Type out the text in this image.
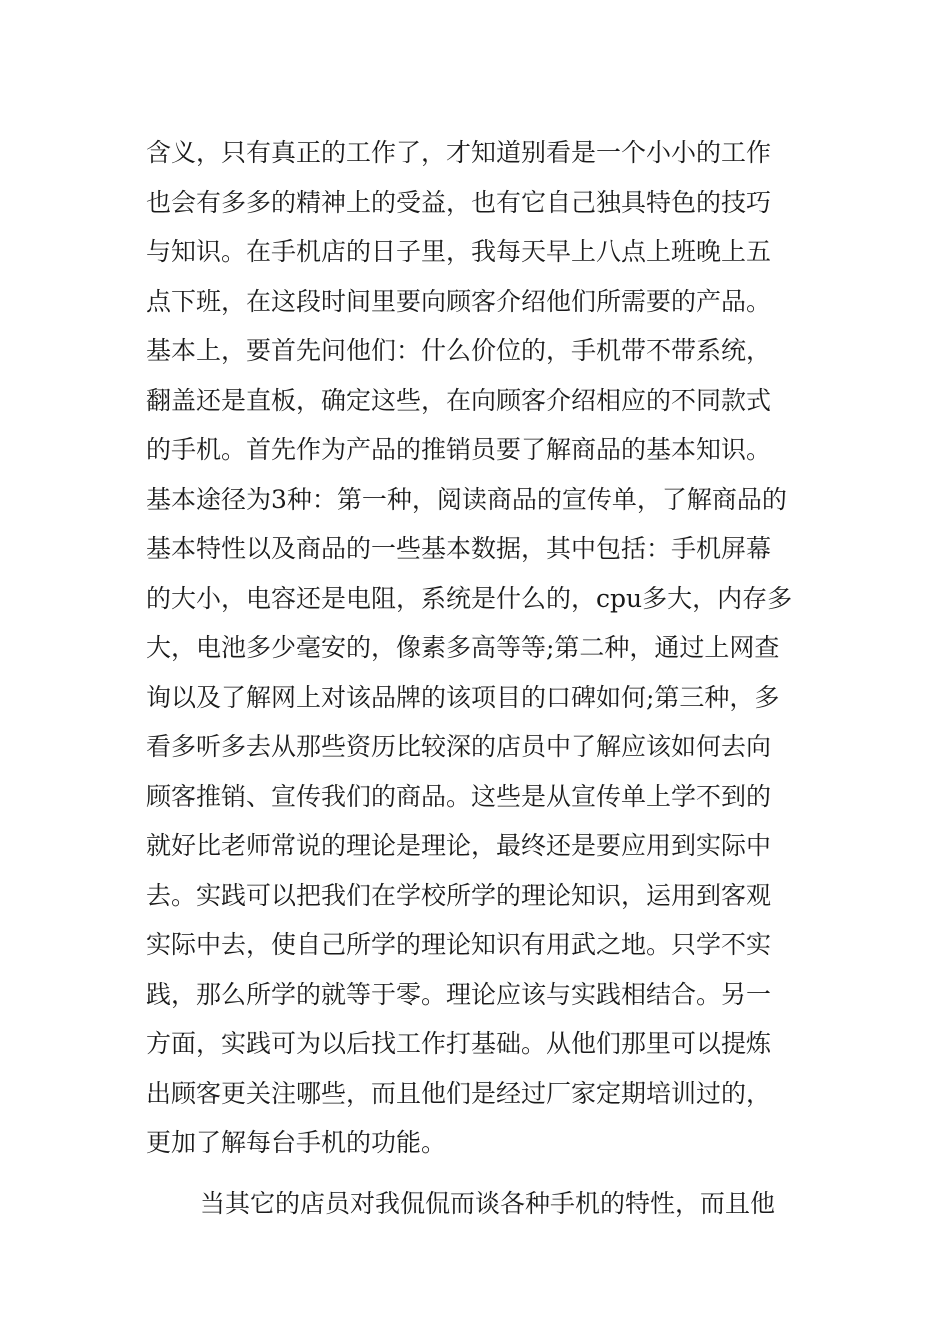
含义，只有真正的工作了，才知道别看是一个小小的工作
也会有多多的精神上的受益，也有它自己独具特色的技巧
与知识。在手机店的日子里，我每天早上八点上班晚上五
点下班，在这段时间里要向顾客介绍他们所需要的产品。
基本上，要首先问他们：什么价位的，手机带不带系统，
翻盖还是直板，确定这些，在向顾客介绍相应的不同款式
的手机。首先作为产品的推销员要了解商品的基本知识。
基本途径为3种：第一种，阅读商品的宣传单，了解商品的
基本特性以及商品的一些基本数据，其中包括：手机屏幕
的大小，电容还是电阻，系统是什么的，cpu多大，内存多
大，电池多少毫安的，像素多高等等;第二种，通过上网查
询以及了解网上对该品牌的该项目的口碑如何;第三种，多
看多听多去从那些资历比较深的店员中了解应该如何去向
顾客推销、宣传我们的商品。这些是从宣传单上学不到的
就好比老师常说的理论是理论，最终还是要应用到实际中
去。实践可以把我们在学校所学的理论知识，运用到客观
实际中去，使自己所学的理论知识有用武之地。只学不实
践，那么所学的就等于零。理论应该与实践相结合。另一
方面，实践可为以后找工作打基础。从他们那里可以提炼
出顾客更关注哪些，而且他们是经过厂家定期培训过的，
更加了解每台手机的功能。
当其它的店员对我侃侃而谈各种手机的特性，而且他
